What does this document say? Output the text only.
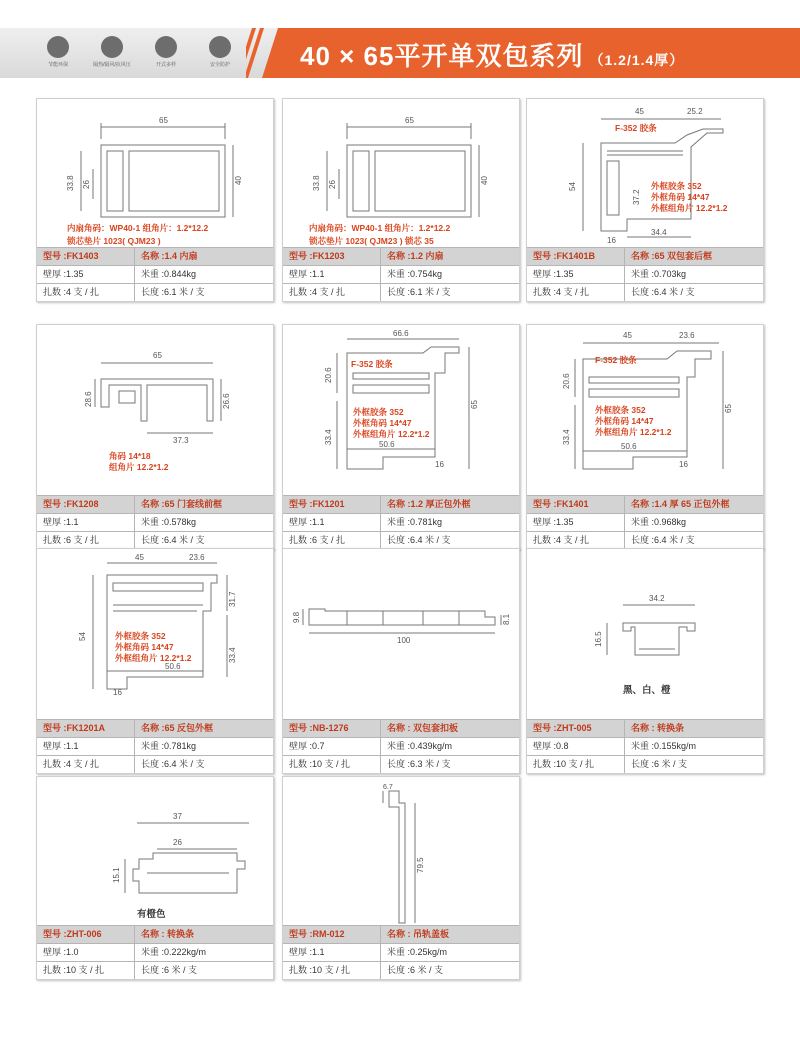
节能环保	隔热/隔风/抗风压	开式多样	安全防护	40 × 65平开单双包系列 （1.2/1.4厚）
65
33.8 26	40
内扇角码：WP40-1 组角片：1.2*12.2
锁芯垫片 1023( QJM23 )
型号 :FK1403	名称 :1.4 内扇
壁厚 :1.35	米重 :0.844kg
扎数 :4 支 / 扎	长度 :6.1 米 / 支
65
33.8 26	40
内扇角码：WP40-1 组角片：1.2*12.2
锁芯垫片 1023( QJM23 ) 锁芯 35
型号 :FK1203	名称 :1.2 内扇
壁厚 :1.1	米重 :0.754kg
扎数 :4 支 / 扎	长度 :6.1 米 / 支
45	25.2
54
37.2
34.4
16
F-352 胶条
外框胶条 352
外框角码 14*47
外框组角片 12.2*1.2
型号 :FK1401B	名称 :65 双包套后框
壁厚 :1.35	米重 :0.703kg
扎数 :4 支 / 扎	长度 :6.4 米 / 支
65
28.6	26.6
37.3
角码 14*18
组角片 12.2*1.2
型号 :FK1208	名称 :65 门套线前框
壁厚 :1.1	米重 :0.578kg
扎数 :6 支 / 扎	长度 :6.4 米 / 支
66.6
20.6
65
33.4	50.6
16
F-352 胶条
外框胶条 352
外框角码 14*47
外框组角片 12.2*1.2
型号 :FK1201	名称 :1.2 厚正包外框
壁厚 :1.1	米重 :0.781kg
扎数 :6 支 / 扎	长度 :6.4 米 / 支
45	23.6
20.6
65
33.4
50.6
16
F-352 胶条
外框胶条 352
外框角码 14*47
外框组角片 12.2*1.2
型号 :FK1401	名称 :1.4 厚 65 正包外框
壁厚 :1.35	米重 :0.968kg
扎数 :4 支 / 扎	长度 :6.4 米 / 支
45	23.6
31.7
54
33.4
50.6
16
外框胶条 352
外框角码 14*47
外框组角片 12.2*1.2
型号 :FK1201A	名称 :65 反包外框
壁厚 :1.1	米重 :0.781kg
扎数 :4 支 / 扎	长度 :6.4 米 / 支
9.8	8.1
100
型号 :NB-1276	名称 : 双包套扣板
壁厚 :0.7	米重 :0.439kg/m
扎数 :10 支 / 扎	长度 :6.3 米 / 支
34.2
16.5
黑、白、橙
型号 :ZHT-005	名称 : 转换条
壁厚 :0.8	米重 :0.155kg/m
扎数 :10 支 / 扎	长度 :6 米 / 支
37
26
15.1
有橙色
型号 :ZHT-006	名称 : 转换条
壁厚 :1.0	米重 :0.222kg/m
扎数 :10 支 / 扎	长度 :6 米 / 支
6.7
79.5
型号 :RM-012	名称 : 吊轨盖板
壁厚 :1.1	米重 :0.25kg/m
扎数 :10 支 / 扎	长度 :6 米 / 支
